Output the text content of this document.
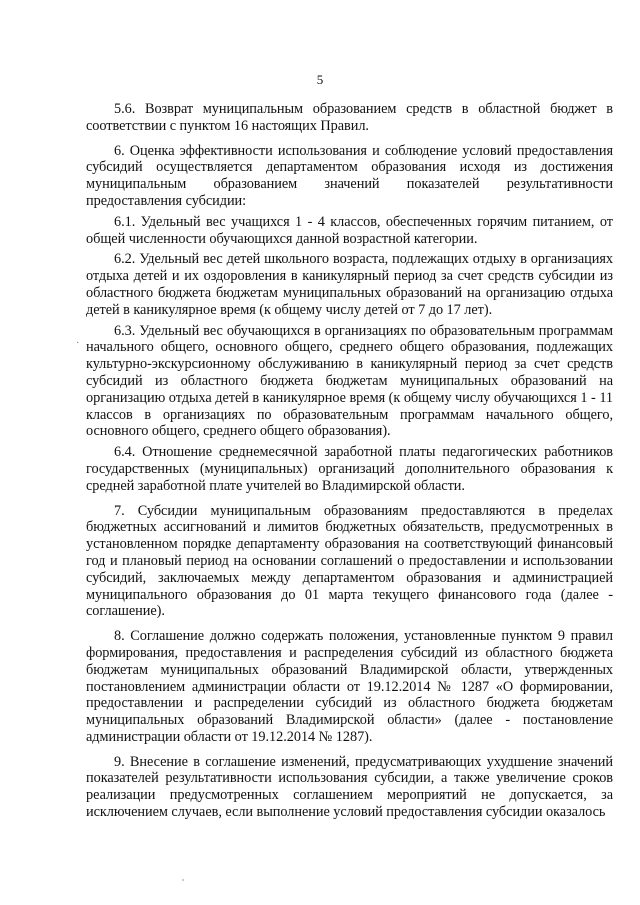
5
·

5.6. Возврат муниципальным образованием средств в областной бюджет в соответствии с пунктом 16 настоящих Правил.

6. Оценка эффективности использования и соблюдение условий предоставления субсидий осуществляется департаментом образования исходя из достижения муниципальным образованием значений показателей результативности предоставления субсидии:

6.1. Удельный вес учащихся 1 - 4 классов, обеспеченных горячим питанием, от общей численности обучающихся данной возрастной категории.

6.2. Удельный вес детей школьного возраста, подлежащих отдыху в организациях отдыха детей и их оздоровления в каникулярный период за счет средств субсидии из областного бюджета бюджетам муниципальных образований на организацию отдыха детей в каникулярное время (к общему числу детей от 7 до 17 лет).

6.3. Удельный вес обучающихся в организациях по образовательным программам начального общего, основного общего, среднего общего образования, подлежащих культурно-экскурсионному обслуживанию в каникулярный период за счет средств субсидий из областного бюджета бюджетам муниципальных образований на организацию отдыха детей в каникулярное время (к общему числу обучающихся 1 - 11 классов в организациях по образовательным программам начального общего, основного общего, среднего общего образования).

6.4. Отношение среднемесячной заработной платы педагогических работников государственных (муниципальных) организаций дополнительного образования к средней заработной плате учителей во Владимирской области.

7. Субсидии муниципальным образованиям предоставляются в пределах бюджетных ассигнований и лимитов бюджетных обязательств, предусмотренных в установленном порядке департаменту образования на соответствующий финансовый год и плановый период на основании соглашений о предоставлении и использовании субсидий, заключаемых между департаментом образования и администрацией муниципального образования до 01 марта текущего финансового года (далее - соглашение).

8. Соглашение должно содержать положения, установленные пунктом 9 правил формирования, предоставления и распределения субсидий из областного бюджета бюджетам муниципальных образований Владимирской области, утвержденных постановлением администрации области от 19.12.2014 № 1287 «О формировании, предоставлении и распределении субсидий из областного бюджета бюджетам муниципальных образований Владимирской области» (далее - постановление администрации области от 19.12.2014 № 1287).

9. Внесение в соглашение изменений, предусматривающих ухудшение значений показателей результативности использования субсидии, а также увеличение сроков реализации предусмотренных соглашением мероприятий не допускается, за исключением случаев, если выполнение условий предоставления субсидии оказалось
